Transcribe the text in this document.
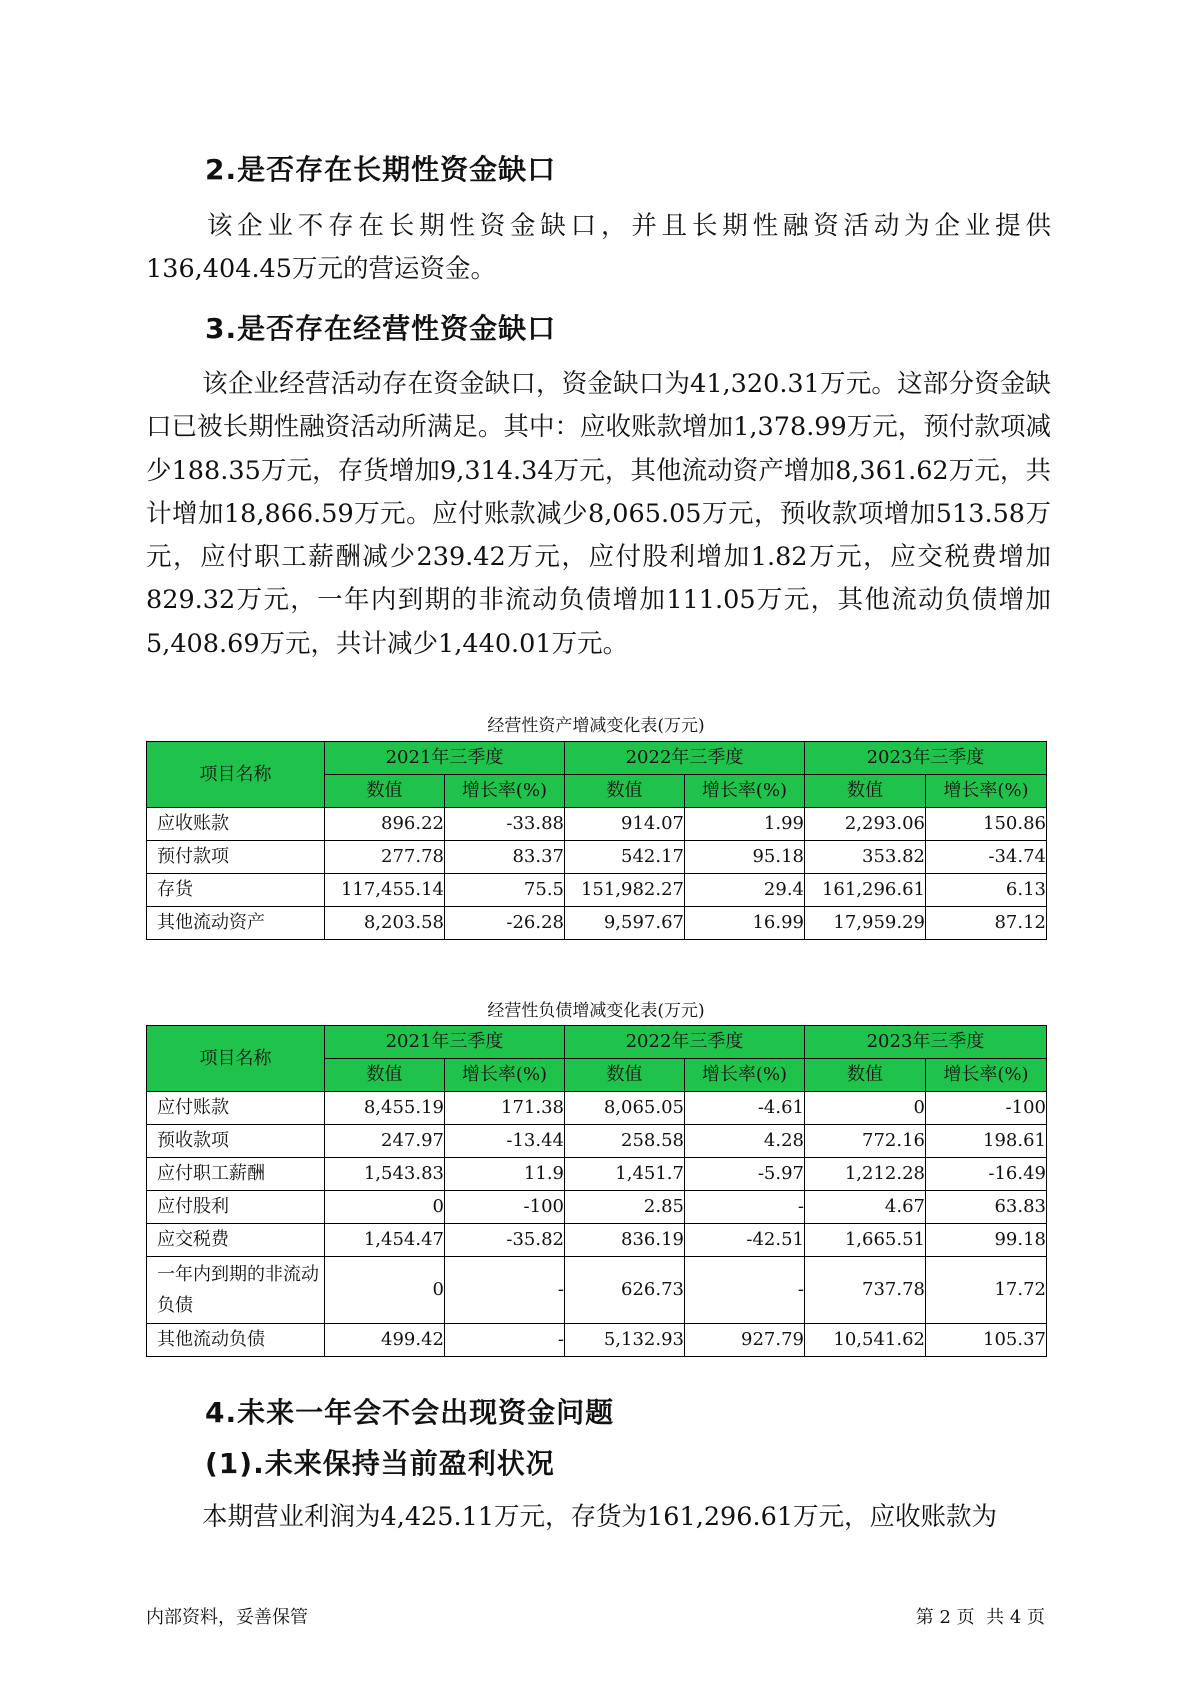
2.是否存在长期性资金缺口
该企业不存在长期性资金缺口，并且长期性融资活动为企业提供136,404.45万元的营运资金。
3.是否存在经营性资金缺口
该企业经营活动存在资金缺口，资金缺口为41,320.31万元。这部分资金缺口已被长期性融资活动所满足。其中：应收账款增加1,378.99万元，预付款项减少188.35万元，存货增加9,314.34万元，其他流动资产增加8,361.62万元，共计增加18,866.59万元。应付账款减少8,065.05万元，预收款项增加513.58万元，应付职工薪酬减少239.42万元，应付股利增加1.82万元，应交税费增加829.32万元，一年内到期的非流动负债增加111.05万元，其他流动负债增加5,408.69万元，共计减少1,440.01万元。
经营性资产增减变化表(万元)
项目名称	2021年三季度		2022年三季度		2023年三季度	
	数值	增长率(%)	数值	增长率(%)	数值	增长率(%)
应收账款	896.22	-33.88	914.07	1.99	2,293.06	150.86
预付款项	277.78	83.37	542.17	95.18	353.82	-34.74
存货	117,455.14	75.5	151,982.27	29.4	161,296.61	6.13
其他流动资产	8,203.58	-26.28	9,597.67	16.99	17,959.29	87.12
经营性负债增减变化表(万元)
项目名称	2021年三季度		2022年三季度		2023年三季度	
	数值	增长率(%)	数值	增长率(%)	数值	增长率(%)
应付账款	8,455.19	171.38	8,065.05	-4.61	0	-100
预收款项	247.97	-13.44	258.58	4.28	772.16	198.61
应付职工薪酬	1,543.83	11.9	1,451.7	-5.97	1,212.28	-16.49
应付股利	0	-100	2.85	-	4.67	63.83
应交税费	1,454.47	-35.82	836.19	-42.51	1,665.51	99.18
一年内到期的非流动负债	0	-	626.73	-	737.78	17.72
其他流动负债	499.42	-	5,132.93	927.79	10,541.62	105.37
4.未来一年会不会出现资金问题
(1).未来保持当前盈利状况
本期营业利润为4,425.11万元，存货为161,296.61万元，应收账款为
内部资料，妥善保管	第 2 页  共 4 页
